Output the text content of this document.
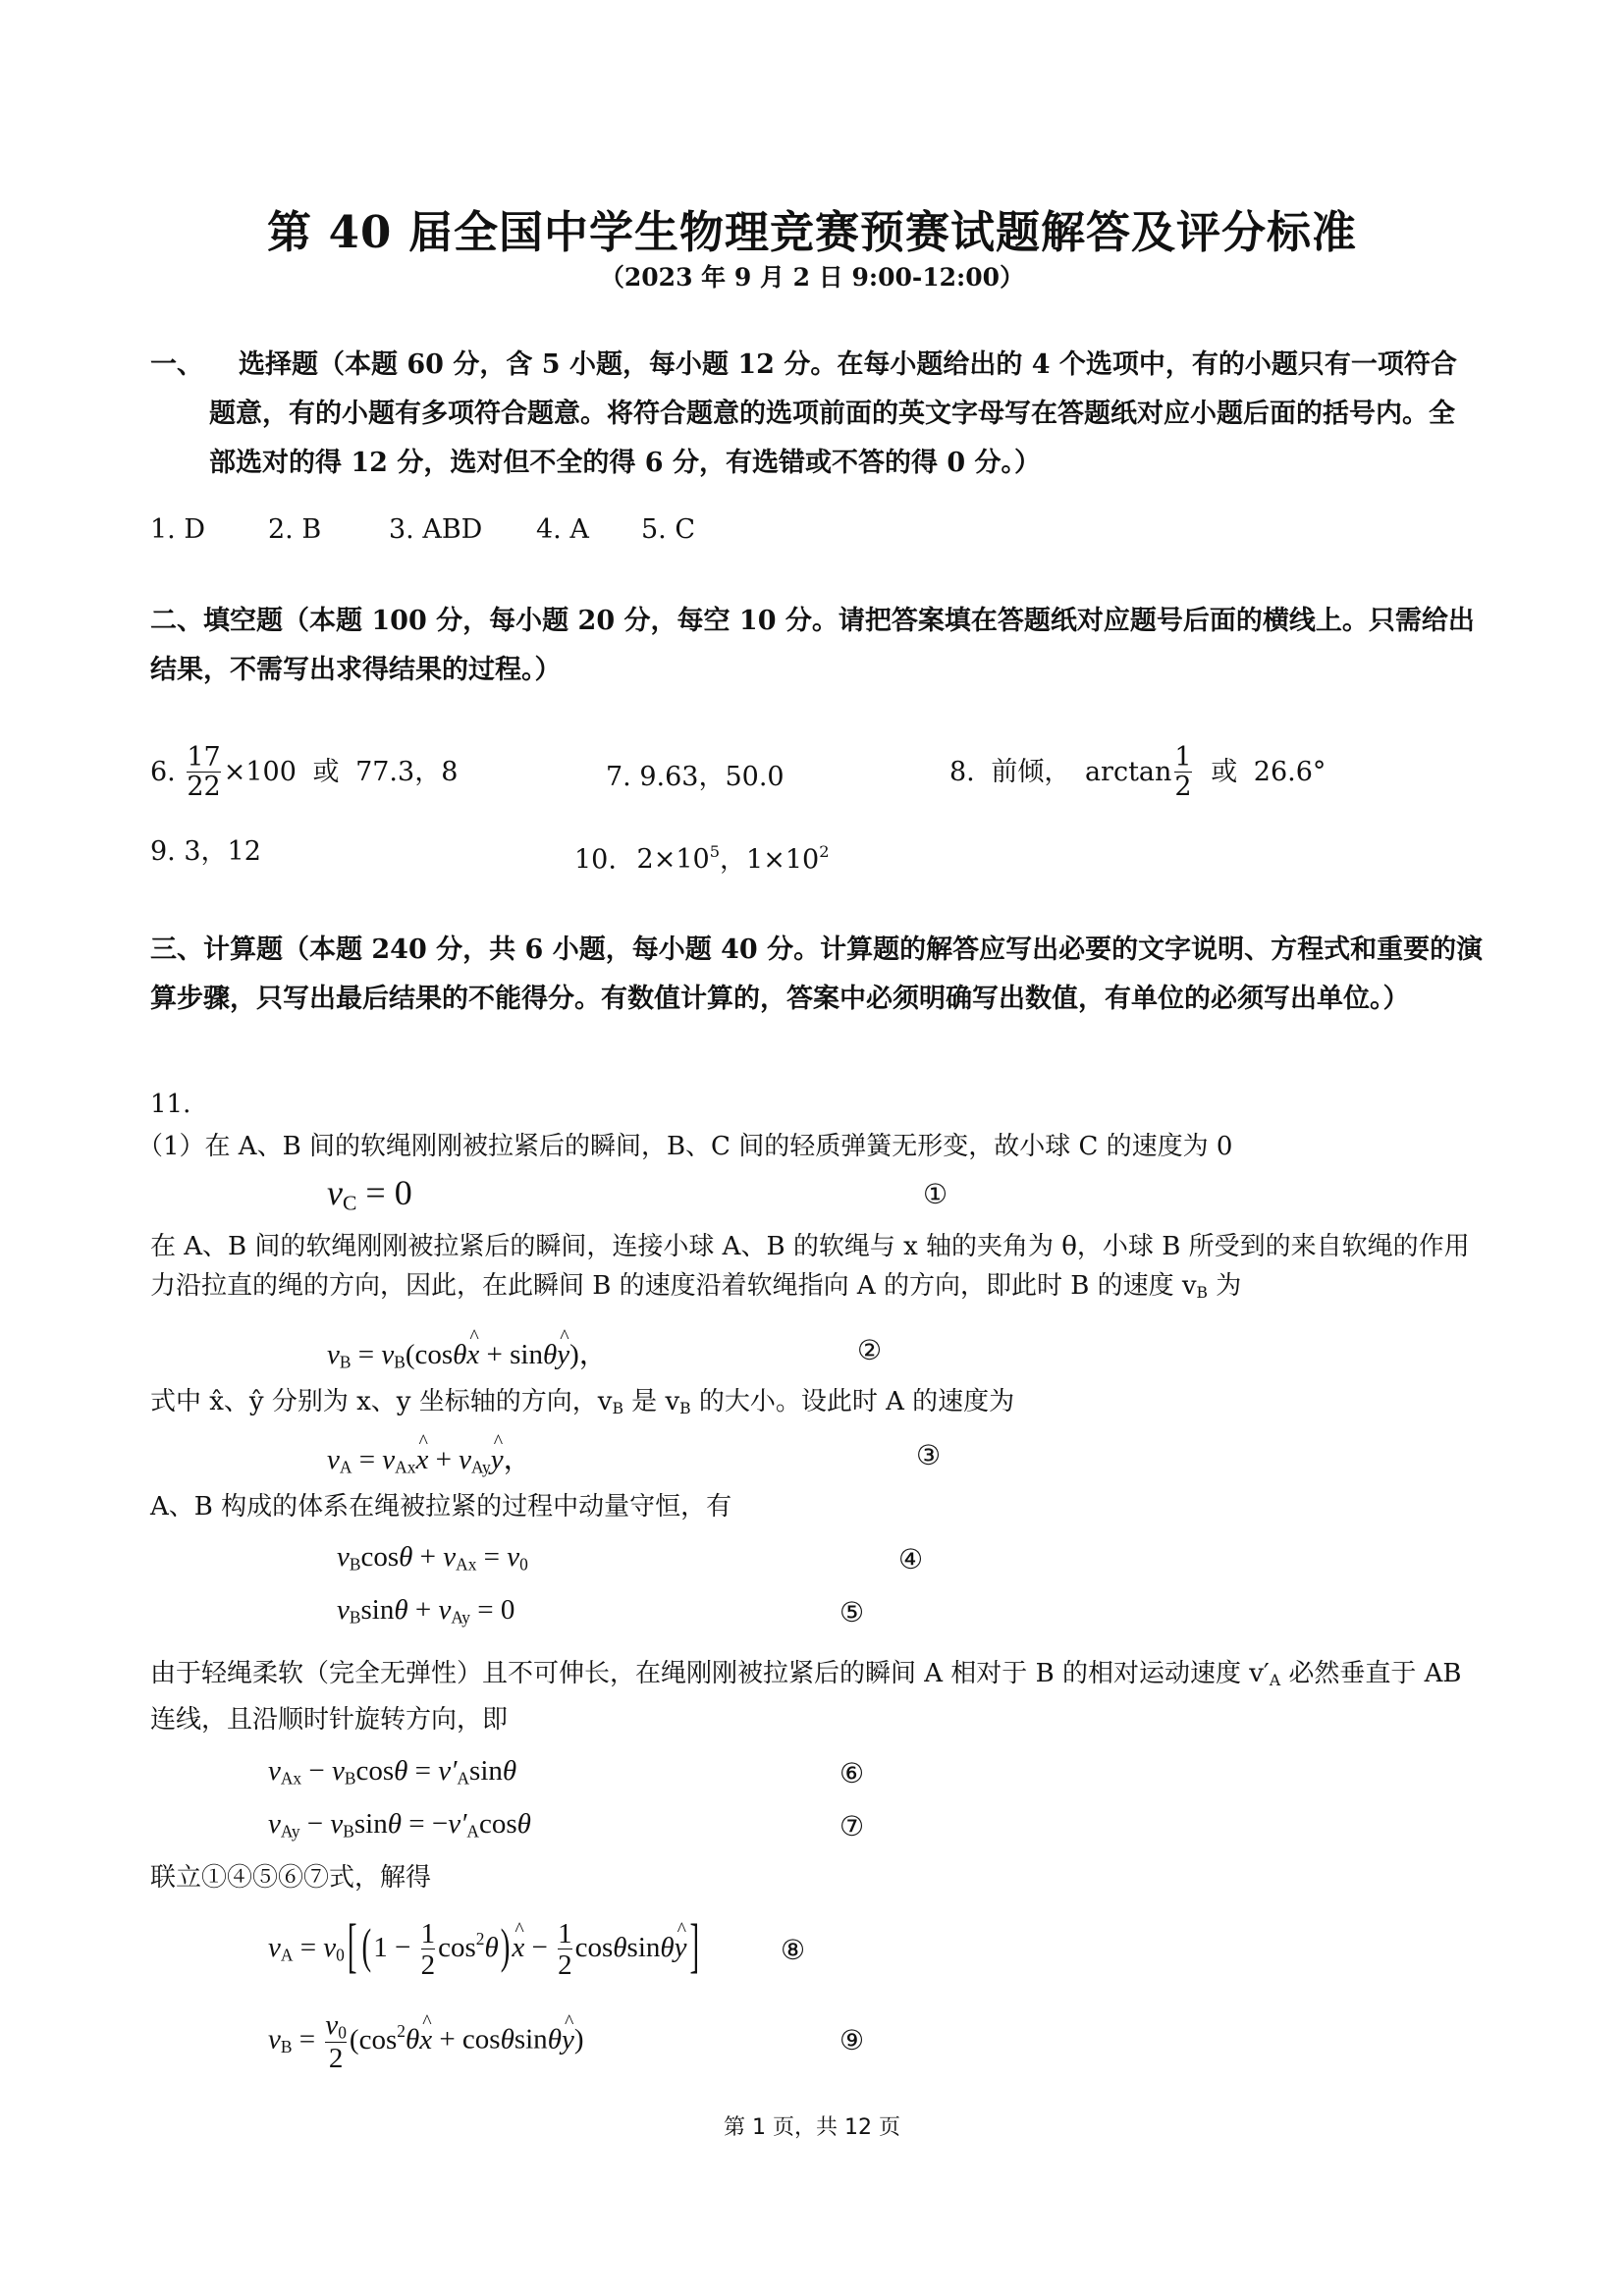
第 40 届全国中学生物理竞赛预赛试题解答及评分标准
（2023 年 9 月 2 日 9:00-12:00）
一、	选择题（本题 60 分，含 5 小题，每小题 12 分。在每小题给出的 4 个选项中，有的小题只有一项符合题意，有的小题有多项符合题意。将符合题意的选项前面的英文字母写在答题纸对应小题后面的括号内。全部选对的得 12 分，选对但不全的得 6 分，有选错或不答的得 0 分。）
1. D 2. B	3. ABD 4. A 5. C
二、填空题（本题 100 分，每小题 20 分，每空 10 分。请把答案填在答题纸对应题号后面的横线上。只需给出结果，不需写出求得结果的过程。）
6. $\frac{17}{22} \times 100$ 或 77.3，8	7. 9.63，50.0	8. 前倾， $\arctan \frac{1}{2}$ 或 26.6°
9. 3，12	10. $2\times 10^5$，$1\times 10^2$
三、计算题（本题 240 分，共 6 小题，每小题 40 分。计算题的解答应写出必要的文字说明、方程式和重要的演算步骤，只写出最后结果的不能得分。有数值计算的，答案中必须明确写出数值，有单位的必须写出单位。）
11.
（1）在 A、B 间的软绳刚刚被拉紧后的瞬间，B、C 间的轻质弹簧无形变，故小球 C 的速度为 0
$v_C = 0$	①
在 A、B 间的软绳刚刚被拉紧后的瞬间，连接小球 A、B 的软绳与 x 轴的夹角为 θ，小球 B 所受到的来自软绳的作用力沿拉直的绳的方向，因此，在此瞬间 B 的速度沿着软绳指向 A 的方向，即此时 B 的速度 $v_B$ 为
$v_B$ = $v_B(\cos\theta\^{}$ x + sinθ^ y)，	②
式中 x̂、ŷ 分别为 x、y 坐标轴的方向，$v_B$ 是 $v_B$ 的大小。设此时 A 的速度为
$v_A$ = $v_{Ax}\^{}$ $x + v_{Ay}\^{}$ y，	③
A、B 构成的体系在绳被拉紧的过程中动量守恒，有
$v_B\cos\theta + v_{Ax} = v_0$	④
$v_B\sin\theta + v_{Ay} = 0$	⑤
由于轻绳柔软（完全无弹性）且不可伸长，在绳刚刚被拉紧后的瞬间 A 相对于 B 的相对运动速度 $v'_A$ 必然垂直于 AB 连线，且沿顺时针旋转方向，即
$v_{Ax} - v_B\cos\theta = v'_A\sin\theta$	⑥
$v_{Ay} - v_B\sin\theta = -v'_A\cos\theta$	⑦
联立①④⑤⑥⑦式，解得
$v_A = v_0$ [ ($1 - \frac{1}{2}$ $\cos^2\theta)\^{}$ $x - \frac{1}{2}$ cosθsinθ^ y ]	⑧
$v_B = \frac{v_0}{2}$ ($\cos^2\theta\^{}$ x + cosθsinθ^ y)	⑨
第 1 页，共 12 页
